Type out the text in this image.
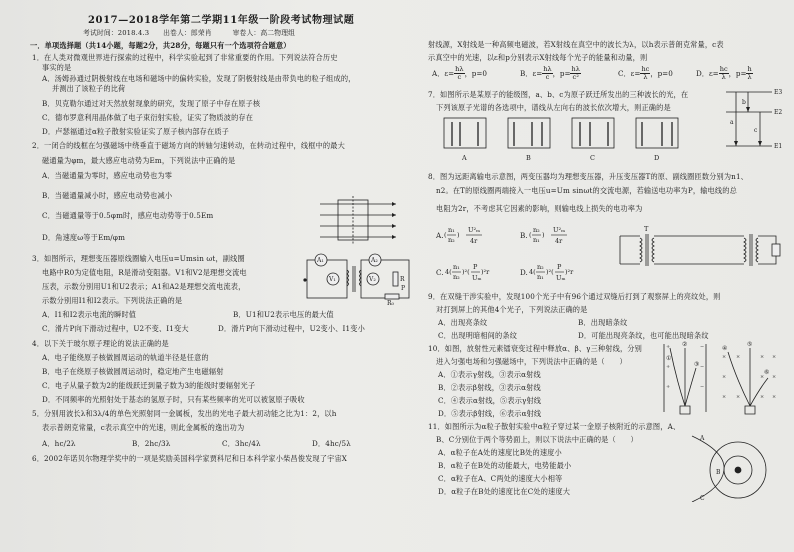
2017—2018学年第二学期11年级一阶段考试物理试题
考试时间：2018.4.3　　出卷人：郎荣肖　　　审卷人：高二物理组
一．单项选择题（共14小题，每题2分，共28分，每题只有一个选项符合题意）
1．在人类对微观世界进行探索的过程中，科学实验起到了非常重要的作用。下列说法符合历史
事实的是
A．汤姆孙通过阴极射线在电场和磁场中的偏转实验，发现了阴极射线是由带负电的粒子组成的，
并测出了该粒子的比荷
B．贝克勒尔通过对天然放射现象的研究，发现了原子中存在原子核
C．德布罗意利用晶体做了电子束衍射实验，证实了物质波的存在
D．卢瑟福通过α粒子散射实验证实了原子核内部存在质子
2．一闭合的线框在匀强磁场中绕垂直于磁场方向的转轴匀速转动，在转动过程中，线框中的最大
磁通量为φm，最大感应电动势为Em，下列说法中正确的是
A．当磁通量为零时，感应电动势也为零
B．当磁通量减小时，感应电动势也减小
C．当磁通量等于0.5φm时，感应电动势等于0.5Em
D．角速度ω等于Em/φm
3．如图所示，理想变压器原线圈输入电压u=Umsin ωt，副线圈
电路中R0为定值电阻，R是滑动变阻器。V1和V2是理想交流电
压表，示数分别用U1和U2表示；A1和A2是理想交流电流表，
示数分别用I1和I2表示。下列说法正确的是
A．I1和I2表示电流的瞬时值	B．U1和U2表示电压的最大值
C．滑片P向下滑动过程中，U2不变、I1变大	D．滑片P向下滑动过程中，U2变小、I1变小
A₁
V₁
A₂
V₂	R
P
R₀
4．以下关于玻尔原子理论的说法正确的是
A．电子能绕原子核做圆周运动的轨道半径是任意的
B．电子在绕原子核做圆周运动时，稳定地产生电磁辐射
C．电子从量子数为2的能级跃迁到量子数为3的能级时要辐射光子
D．不同频率的光照射处于基态的氢原子时，只有某些频率的光可以被氢原子吸收
5．分别用波长λ和3λ/4的单色光照射同一金属板，发出的光电子最大初动能之比为1：2，以h
表示普朗克常量，c表示真空中的光速，则此金属板的逸出功为
A．hc/2λ	B．2hc/3λ	C．3hc/4λ	D．4hc/5λ
6．2002年诺贝尔物理学奖中的一项是奖励美国科学家贾科尼和日本科学家小柴昌俊发现了宇宙X
射线源，X射线是一种高频电磁波，若X射线在真空中的波长为λ，以h表示普朗克常量，c表
示真空中的光速，以ε和p分别表示X射线每个光子的能量和动量，则
A．$\varepsilon= \frac{h\lambda}{c}$ ，p=0	B．$\varepsilon= \frac{h\lambda}{c}$ ，$p= \frac{h\lambda}{\text{c²}}$	C．$\varepsilon= \frac{hc}{\lambda}$ ，p=0	D．$\varepsilon= \frac{hc}{\lambda}$ ，$p= \frac{h}{\lambda}$
7．如图所示是某原子的能级图，a、b、c为原子跃迁所发出的三种波长的光，在
下列该原子光谱的各选项中，谱线从左向右的波长依次增大，则正确的是
E3
E2
E1
a
b
c
A	B	C	D
8．图为远距离输电示意图，两变压器均为理想变压器，升压变压器T的原、副线圈匝数分别为n1、
n2。在T的原线圈两端接入一电压u=Um sinωt的交流电源，若输送电功率为P，输电线的总
电阻为2r，不考虑其它因素的影响，则输电线上损失的电功率为
A. (
n₁
n₂
)
U²ₘ
4r
B. (
n₂
n₁
)
U²ₘ
4r
C. 4(
n₁
n₂
)²(
P
Uₘ
)²r	D. 4(
n₂
n₁
)²(
P
Uₘ
)²r
T
9．在双缝干涉实验中，发现100个光子中有96个通过双缝后打到了观察屏上的亮纹处，则
对打到屏上的其他4个光子，下列说法正确的是
A．出现亮条纹	B．出现暗条纹
C．出现明暗相间的条纹	D．可能出现亮条纹，也可能出现暗条纹
10．如图，放射性元素镭衰变过程中释放α、β、γ三种射线，分别
进入匀强电场和匀强磁场中，下列说法中正确的是（　　）
A．①表示γ射线，③表示α射线
B．②表示β射线，③表示α射线
C．④表示α射线，⑤表示γ射线
D．⑤表示β射线，⑥表示α射线
+
+
+
−
−
−
× ×	× ×
×	× ×
× ×	× ×
①
②
③
④
⑤
⑥
11．如图所示为α粒子散射实验中α粒子穿过某一金原子核附近的示意图，A、
B、C分别位于两个等势面上，则以下说法中正确的是（　　）
A．α粒子在A处的速度比B处的速度小
B．α粒子在B处的动能最大，电势能最小
C．α粒子在A、C两处的速度大小相等
D．α粒子在B处的速度比在C处的速度大
A
B
C
